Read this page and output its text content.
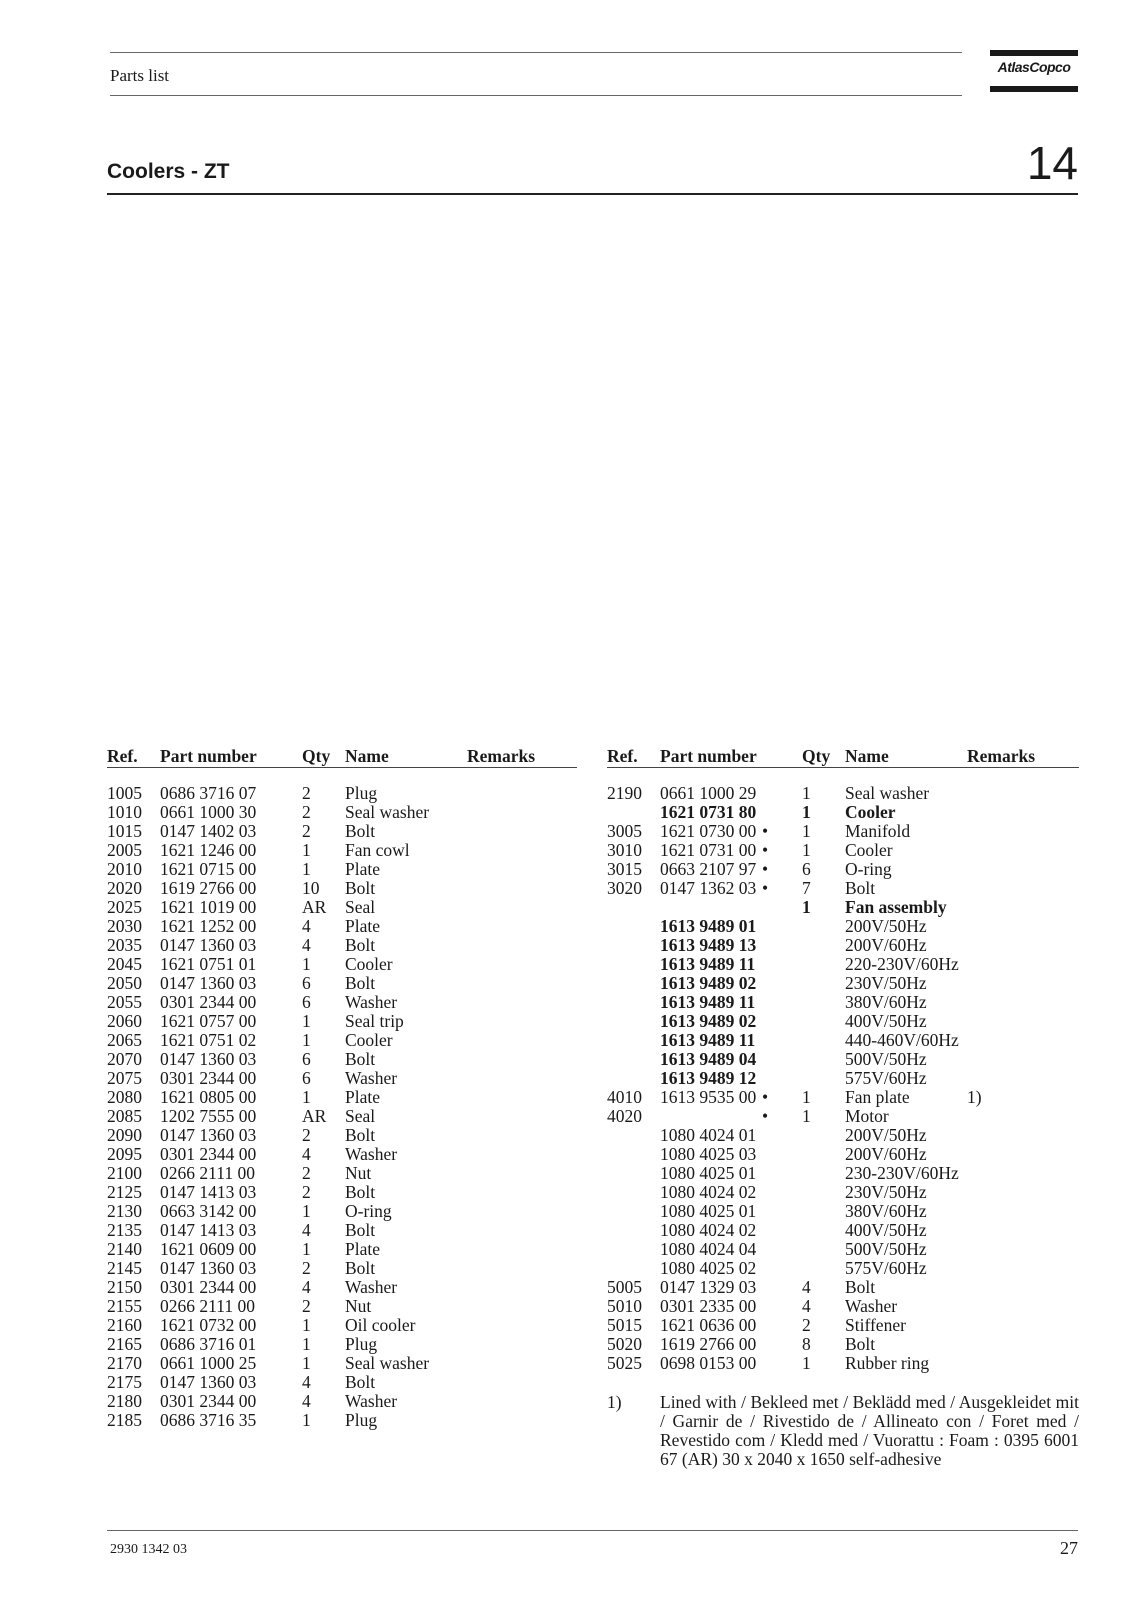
Parts list	AtlasCopco
Coolers - ZT	14
Ref. Part number	Qty Name	Remarks
1005 0686 3716 07	2 Plug
1010 0661 1000 30	2 Seal washer
1015 0147 1402 03	2 Bolt
2005 1621 1246 00	1 Fan cowl
2010 1621 0715 00	1 Plate
2020 1619 2766 00	10 Bolt
2025 1621 1019 00	AR Seal
2030 1621 1252 00	4 Plate
2035 0147 1360 03	4 Bolt
2045 1621 0751 01	1 Cooler
2050 0147 1360 03	6 Bolt
2055 0301 2344 00	6 Washer
2060 1621 0757 00	1 Seal trip
2065 1621 0751 02	1 Cooler
2070 0147 1360 03	6 Bolt
2075 0301 2344 00	6 Washer
2080 1621 0805 00	1 Plate
2085 1202 7555 00	AR Seal
2090 0147 1360 03	2 Bolt
2095 0301 2344 00	4 Washer
2100 0266 2111 00	2 Nut
2125 0147 1413 03	2 Bolt
2130 0663 3142 00	1 O-ring
2135 0147 1413 03	4 Bolt
2140 1621 0609 00	1 Plate
2145 0147 1360 03	2 Bolt
2150 0301 2344 00	4 Washer
2155 0266 2111 00	2 Nut
2160 1621 0732 00	1 Oil cooler
2165 0686 3716 01	1 Plug
2170 0661 1000 25	1 Seal washer
2175 0147 1360 03	4 Bolt
2180 0301 2344 00	4 Washer
2185 0686 3716 35	1 Plug
Ref. Part number	Qty Name	Remarks
2190 0661 1000 29	1 Seal washer
1621 0731 80	1 Cooler
3005 1621 0730 00 • 1 Manifold
3010 1621 0731 00 • 1 Cooler
3015 0663 2107 97 • 6 O-ring
3020 0147 1362 03 • 7 Bolt
1 Fan assembly
1613 9489 01	200V/50Hz
1613 9489 13	200V/60Hz
1613 9489 11	220-230V/60Hz
1613 9489 02	230V/50Hz
1613 9489 11	380V/60Hz
1613 9489 02	400V/50Hz
1613 9489 11	440-460V/60Hz
1613 9489 04	500V/50Hz
1613 9489 12	575V/60Hz
4010 1613 9535 00 • 1 Fan plate	1)
4020	• 1 Motor
1080 4024 01	200V/50Hz
1080 4025 03	200V/60Hz
1080 4025 01	230-230V/60Hz
1080 4024 02	230V/50Hz
1080 4025 01	380V/60Hz
1080 4024 02	400V/50Hz
1080 4024 04	500V/50Hz
1080 4025 02	575V/60Hz
5005 0147 1329 03	4 Bolt
5010 0301 2335 00	4 Washer
5015 1621 0636 00	2 Stiffener
5020 1619 2766 00	8 Bolt
5025 0698 0153 00	1 Rubber ring
1) Lined with / Bekleed met / Beklädd med / Ausgekleidet mit / Garnir de / Rivestido de / Allineato con / Foret med / Revestido com / Kledd med / Vuorattu : Foam : 0395 6001 67 (AR) 30 x 2040 x 1650 self-adhesive
2930 1342 03	27
